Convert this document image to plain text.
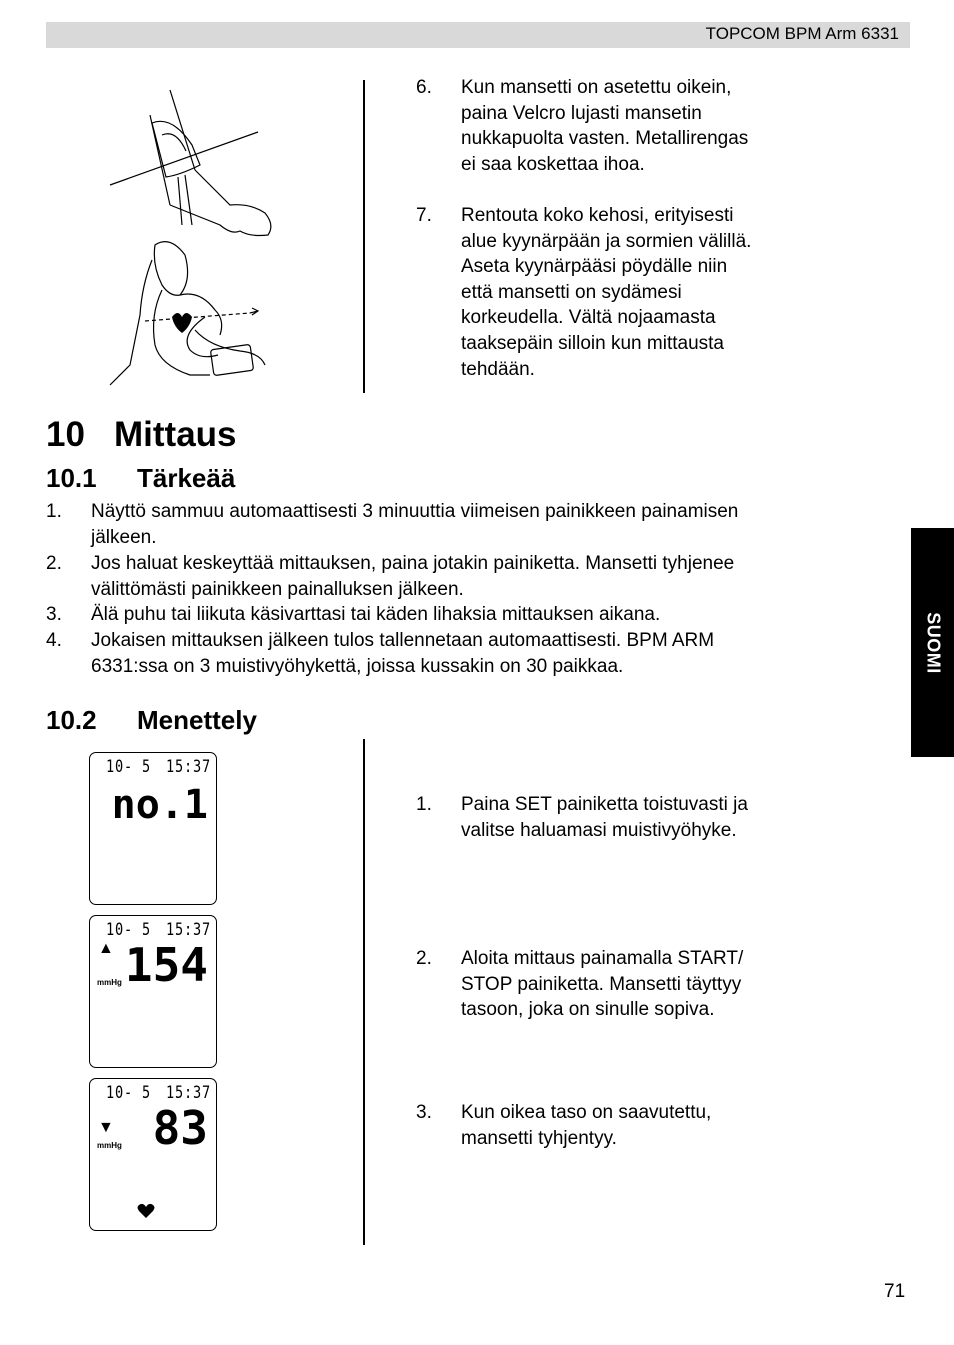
TOPCOM BPM Arm 6331
SUOMI
6. Kun mansetti on asetettu oikein,
paina Velcro lujasti mansetin
nukkapuolta vasten. Metallirengas
ei saa koskettaa ihoa.
7. Rentouta koko kehosi, erityisesti
alue kyynärpään ja sormien välillä.
Aseta kyynärpääsi pöydälle niin
että mansetti on sydämesi
korkeudella. Vältä nojaamasta
taaksepäin silloin kun mittausta
tehdään.
10 Mittaus
10.1 Tärkeää
1. Näyttö sammuu automaattisesti 3 minuuttia viimeisen painikkeen painamisen
jälkeen.
2. Jos haluat keskeyttää mittauksen, paina jotakin painiketta. Mansetti tyhjenee
välittömästi painikkeen painalluksen jälkeen.
3. Älä puhu tai liikuta käsivarttasi tai käden lihaksia mittauksen aikana.
4. Jokaisen mittauksen jälkeen tulos tallennetaan automaattisesti. BPM ARM
6331:ssa on 3 muistivyöhykettä, joissa kussakin on 30 paikkaa.
10.2 Menettely
10- 5 15:37
no.1
10- 5 15:37
▲
mmHg 154
10- 5 15:37
▼
mmHg 83
1. Paina SET painiketta toistuvasti ja
valitse haluamasi muistivyöhyke.
2. Aloita mittaus painamalla START/
STOP painiketta. Mansetti täyttyy
tasoon, joka on sinulle sopiva.
3. Kun oikea taso on saavutettu,
mansetti tyhjentyy.
71
